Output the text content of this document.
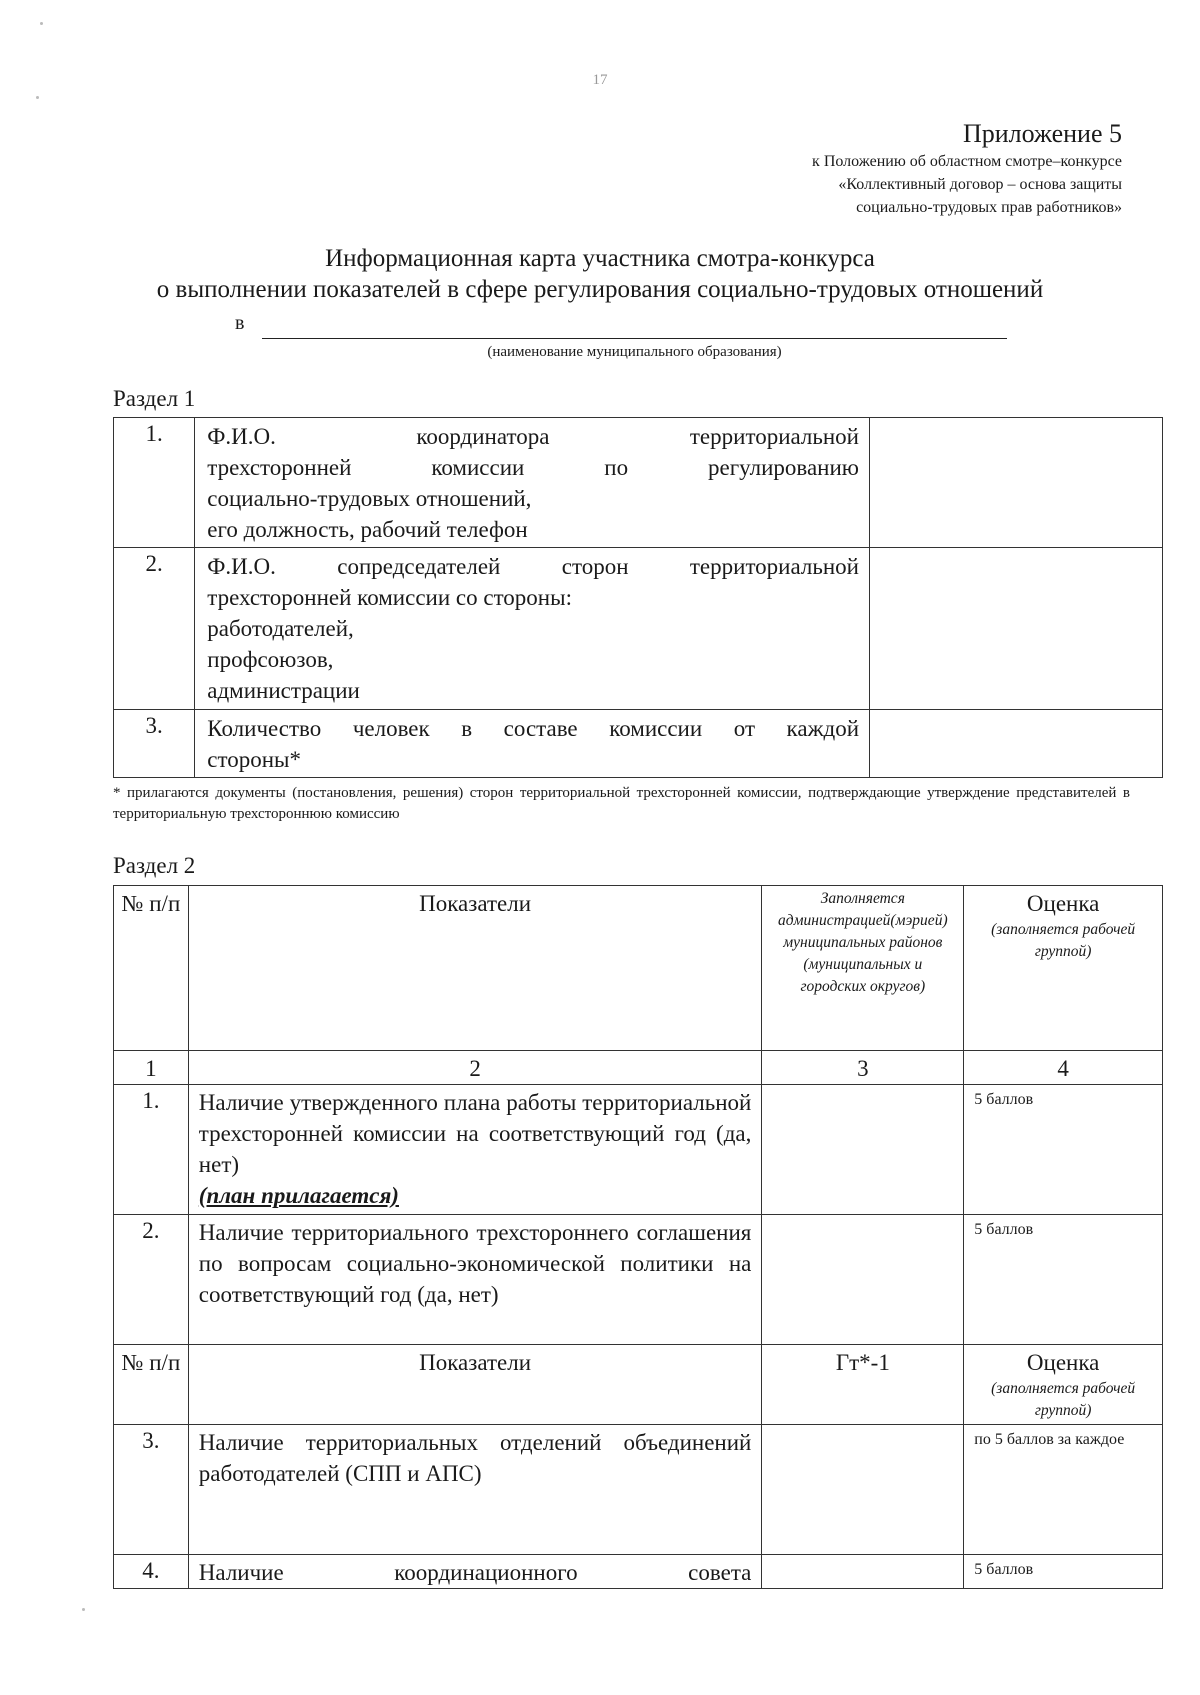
17
Приложение 5
к Положению об областном смотре–конкурсе
«Коллективный договор – основа защиты
социально-трудовых прав работников»
Информационная карта участника смотра-конкурса
о выполнении показателей в сфере регулирования социально-трудовых отношений
в
(наименование муниципального образования)
Раздел 1
1.	Ф.И.О. координатора территориальной
трехсторонней комиссии по регулированию
социально-трудовых отношений,
его должность, рабочий телефон	

2.	Ф.И.О. сопредседателей сторон территориальной
трехсторонней комиссии со стороны:
работодателей,
профсоюзов,
администрации	

3.	Количество человек в составе комиссии от каждой
стороны*	

* прилагаются документы (постановления, решения) сторон территориальной трехсторонней комиссии, подтверждающие утверждение представителей в территориальную трехстороннюю комиссию
Раздел 2
№ п/п	Показатели	Заполняется администрацией(мэрией) муниципальных районов (муниципальных и городских округов)	Оценка
(заполняется рабочей группой)

1	2	3	4
1.	Наличие утвержденного плана работы территориальной трехсторонней комиссии на соответствующий год (да, нет)
(план прилагается)		5 баллов
2.	Наличие территориального трехстороннего соглашения по вопросам социально-экономической политики на соответствующий год (да, нет)		5 баллов
№ п/п	Показатели	Гт*-1	Оценка
(заполняется рабочей группой)

3.	Наличие территориальных отделений объединений работодателей (СПП и АПС)		по 5 баллов за каждое
4.	Наличие координационного совета		5 баллов
